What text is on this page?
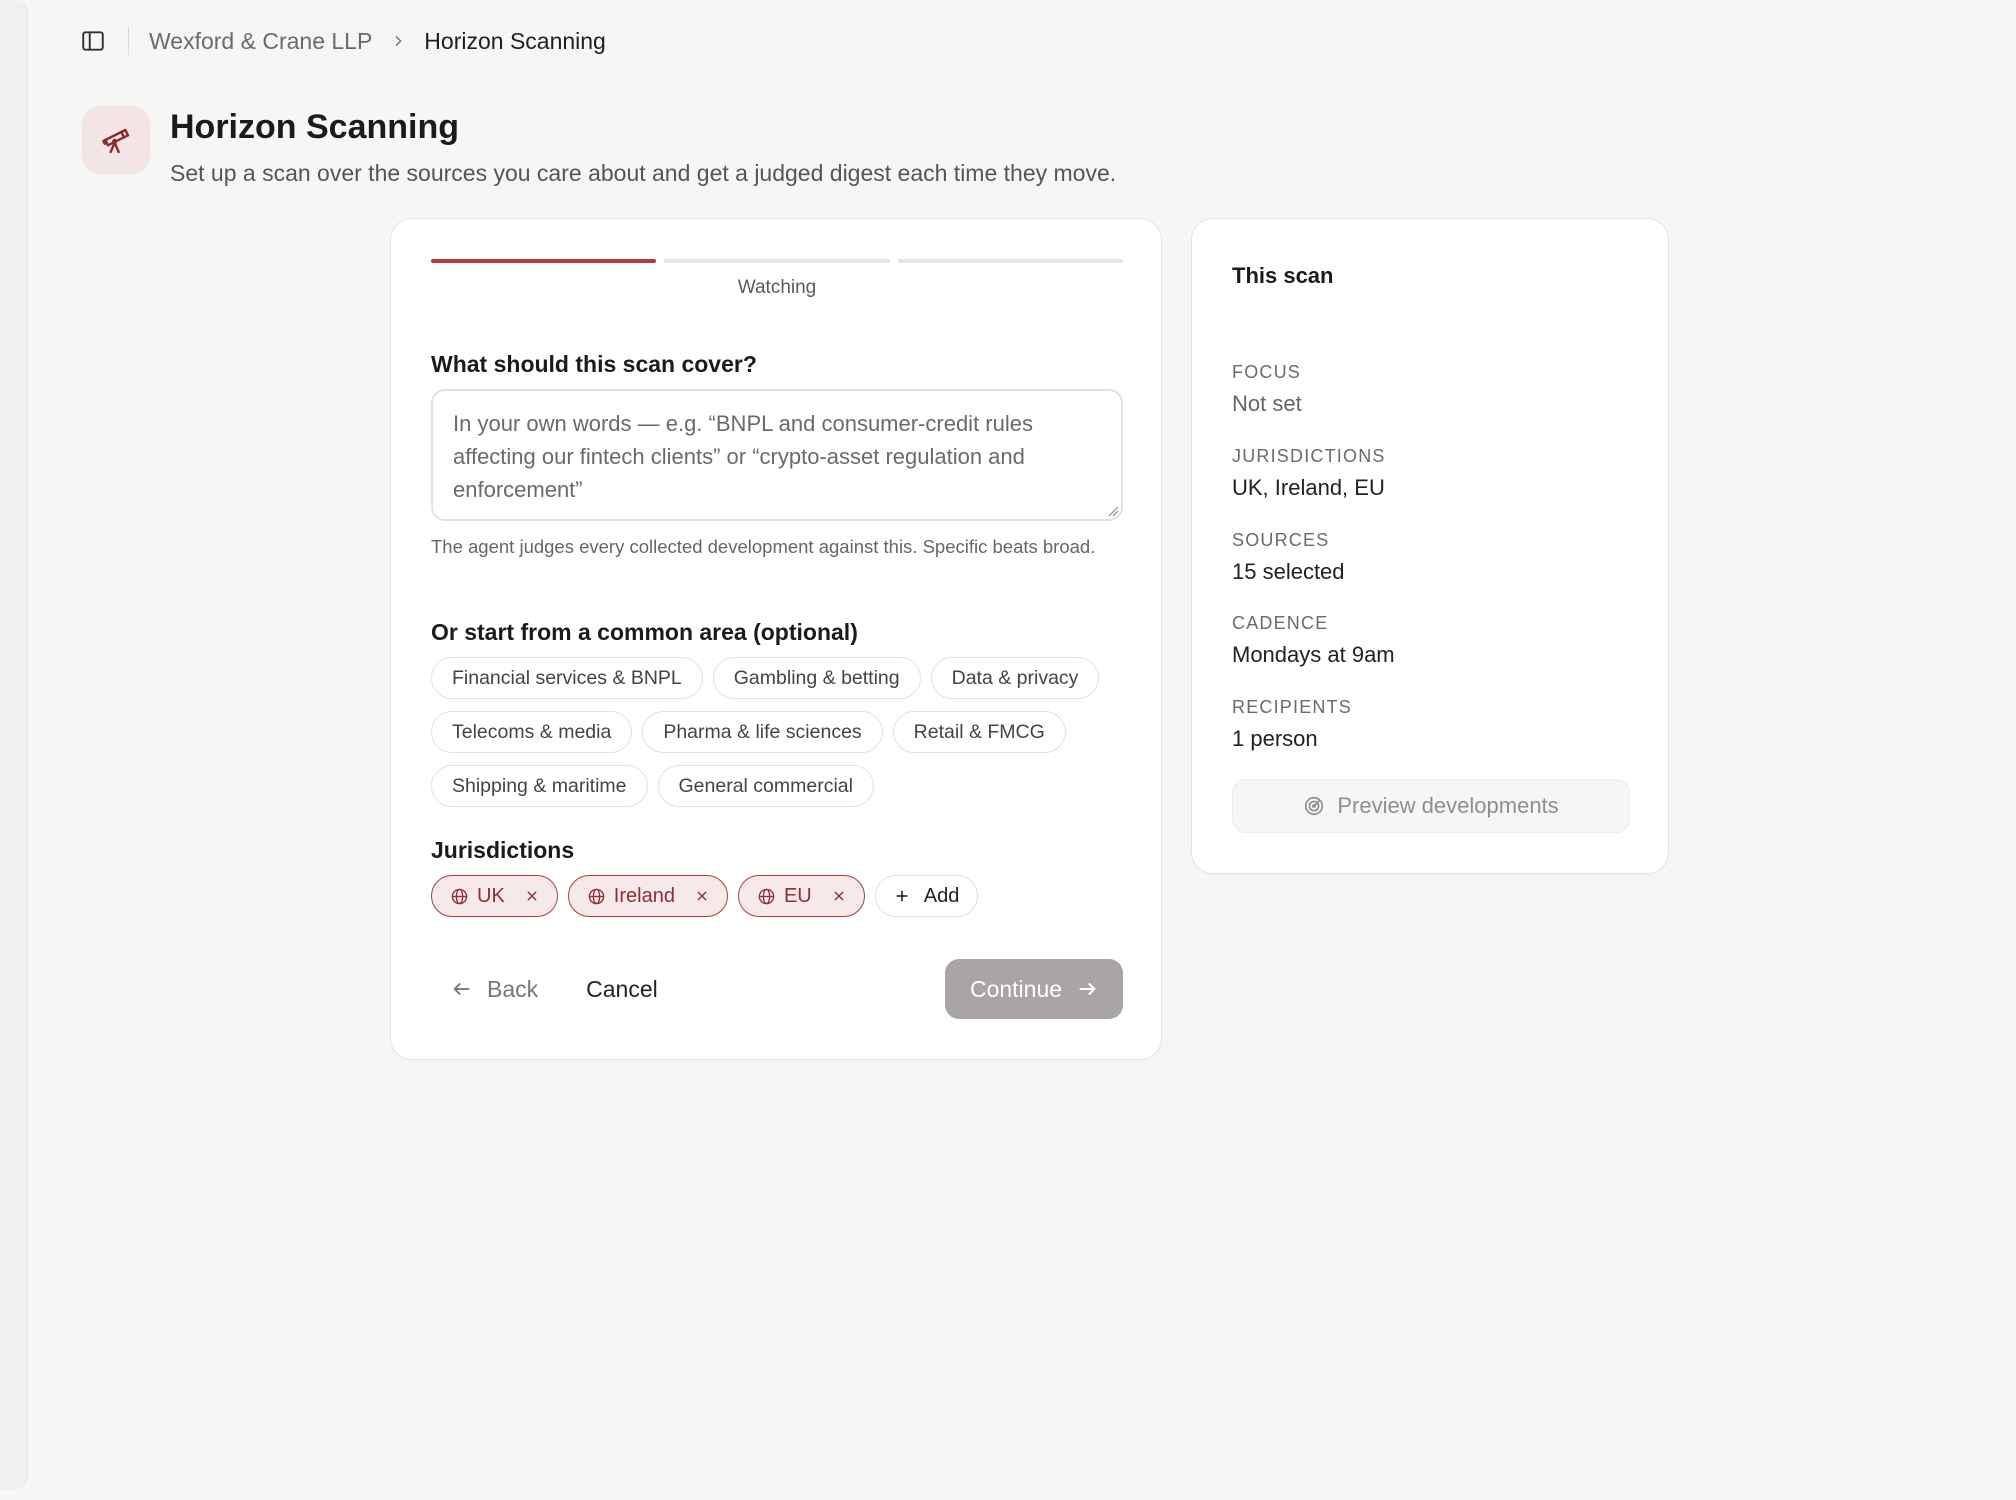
Wexford & Crane LLP Horizon Scanning
Horizon Scanning

Set up a scan over the sources you care about and get a judged digest each time they move.

Watching
What should this scan cover?
In your own words — e.g. “BNPL and consumer-credit rules affecting our fintech clients” or “crypto-asset regulation and enforcement”
The agent judges every collected development against this. Specific beats broad.
Or start from a common area (optional)
Financial services & BNPL	Gambling & betting	Data & privacy
Telecoms & media	Pharma & life sciences	Retail & FMCG
Shipping & maritime	General commercial
Jurisdictions
UK	Ireland	EU	Add
Back	Cancel	Continue
This scan
FOCUS
Not set
JURISDICTIONS
UK, Ireland, EU
SOURCES
15 selected
CADENCE
Mondays at 9am
RECIPIENTS
1 person
Preview developments
